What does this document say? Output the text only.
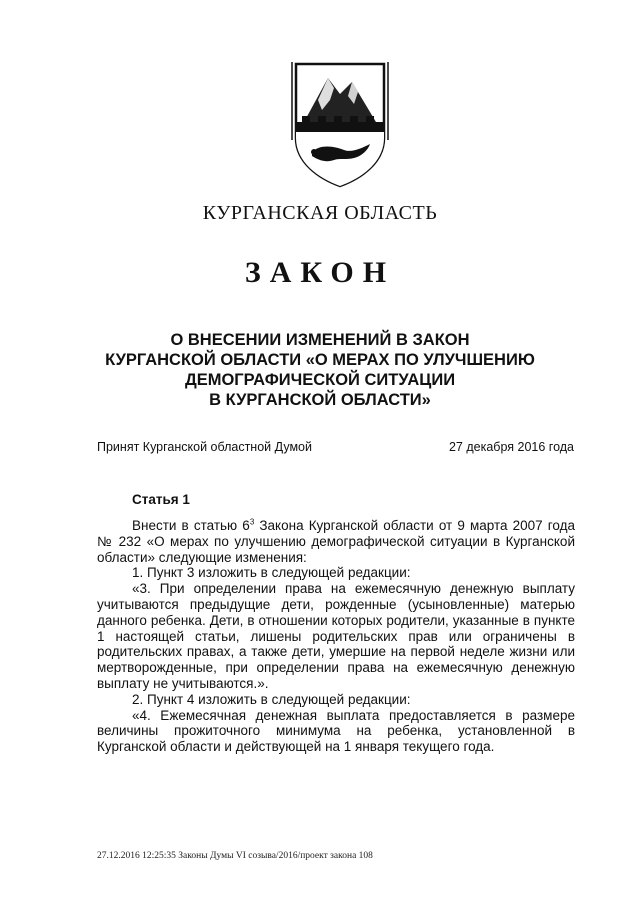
КУРГАНСКАЯ ОБЛАСТЬ
ЗАКОН
О ВНЕСЕНИИ ИЗМЕНЕНИЙ В ЗАКОН
КУРГАНСКОЙ ОБЛАСТИ «О МЕРАХ ПО УЛУЧШЕНИЮ
ДЕМОГРАФИЧЕСКОЙ СИТУАЦИИ
В КУРГАНСКОЙ ОБЛАСТИ»
Принят Курганской областной Думой	27 декабря 2016 года
Статья 1

Внести в статью $6^3$ Закона Курганской области от 9 марта 2007 года № 232 «О мерах по улучшению демографической ситуации в Курганской области» следующие изменения:

1. Пункт 3 изложить в следующей редакции:

«3. При определении права на ежемесячную денежную выплату учитываются предыдущие дети, рожденные (усыновленные) матерью данного ребенка. Дети, в отношении которых родители, указанные в пункте 1 настоящей статьи, лишены родительских прав или ограничены в родительских правах, а также дети, умершие на первой неделе жизни или мертворожденные, при определении права на ежемесячную денежную выплату не учитываются.».

2. Пункт 4 изложить в следующей редакции:

«4. Ежемесячная денежная выплата предоставляется в размере величины прожиточного минимума на ребенка, установленной в Курганской области и действующей на 1 января текущего года.

27.12.2016 12:25:35 Законы Думы VI созыва/2016/проект закона 108
